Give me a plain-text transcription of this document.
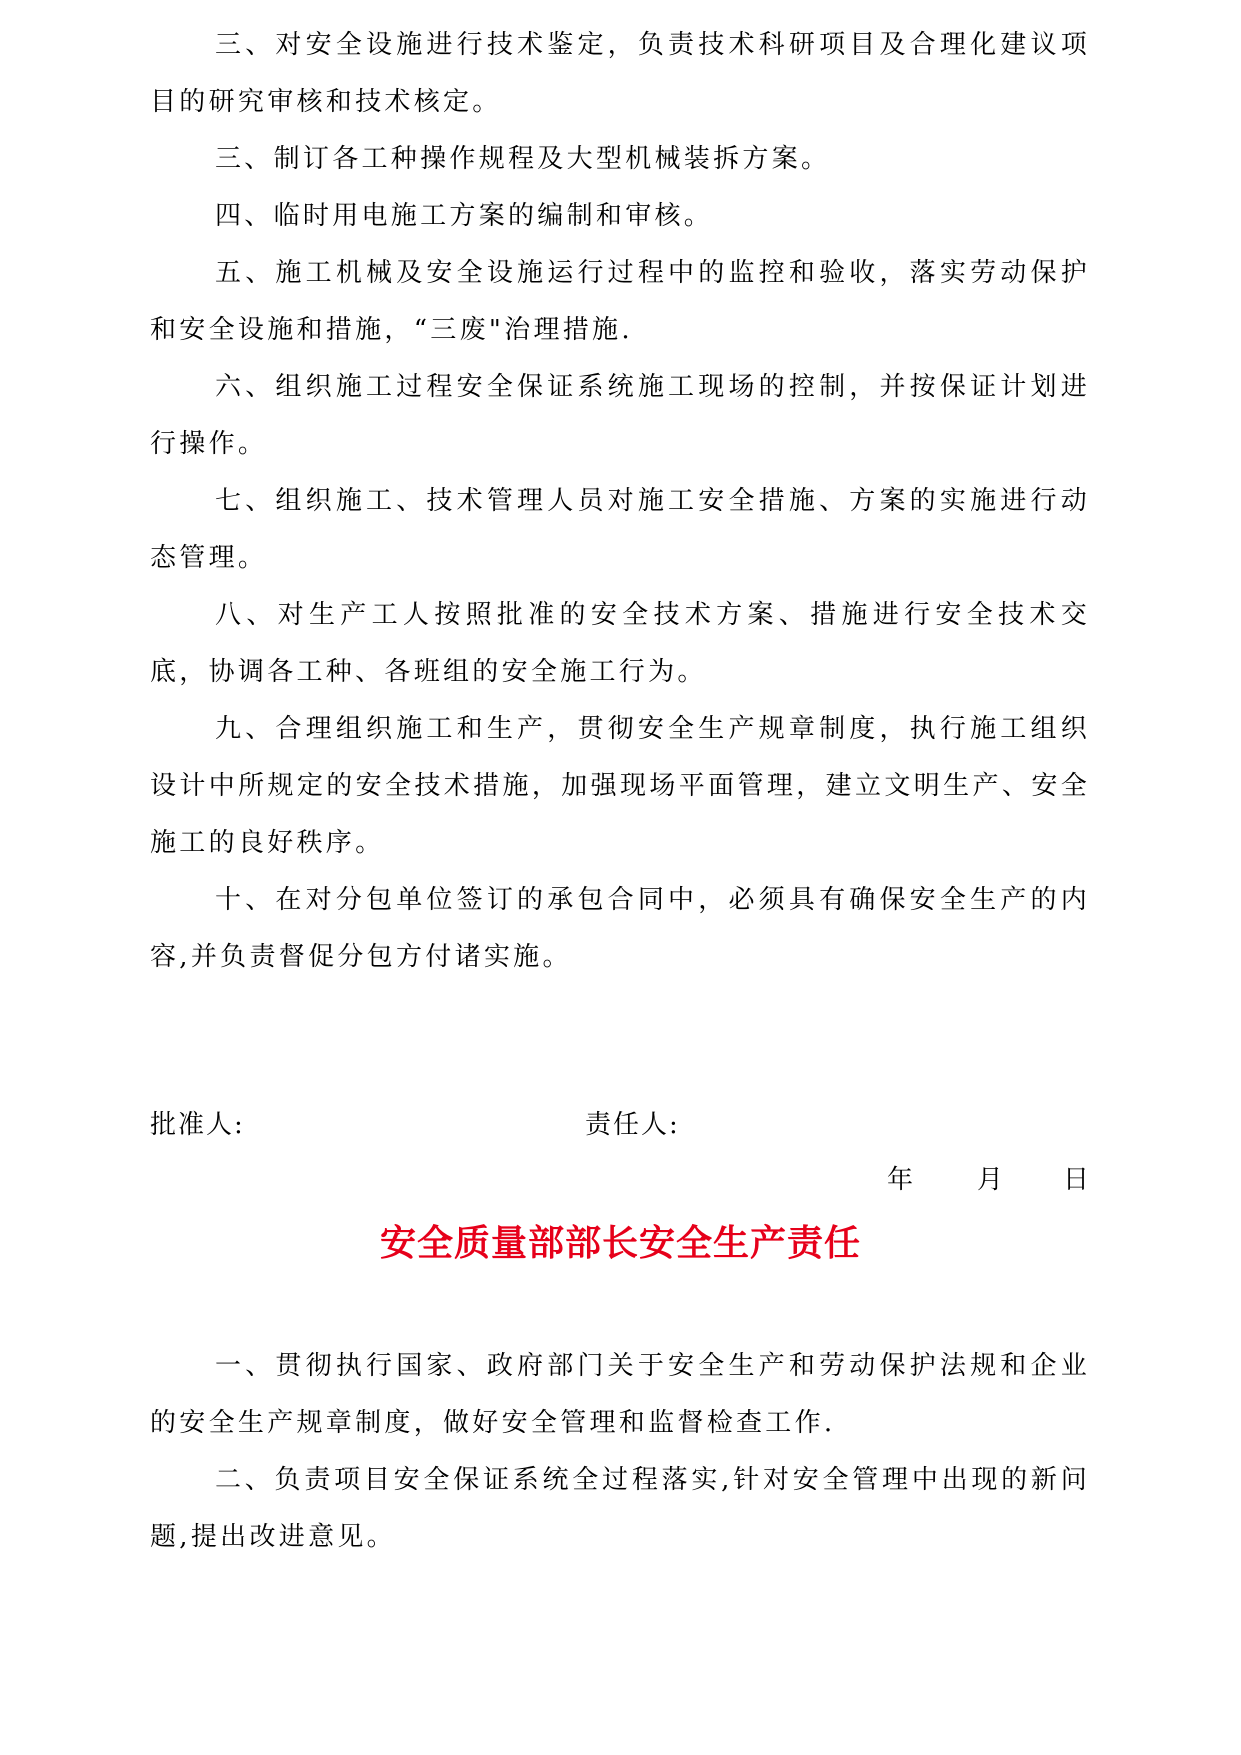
三、对安全设施进行技术鉴定，负责技术科研项目及合理化建议项目的研究审核和技术核定。

三、制订各工种操作规程及大型机械装拆方案。

四、临时用电施工方案的编制和审核。

五、施工机械及安全设施运行过程中的监控和验收，落实劳动保护和安全设施和措施，“三废"治理措施.

六、组织施工过程安全保证系统施工现场的控制，并按保证计划进行操作。

七、组织施工、技术管理人员对施工安全措施、方案的实施进行动态管理。

八、对生产工人按照批准的安全技术方案、措施进行安全技术交底，协调各工种、各班组的安全施工行为。

九、合理组织施工和生产，贯彻安全生产规章制度，执行施工组织设计中所规定的安全技术措施，加强现场平面管理，建立文明生产、安全施工的良好秩序。

十、在对分包单位签订的承包合同中，必须具有确保安全生产的内容,并负责督促分包方付诸实施。

批准人:	责任人:

年 月 日

安全质量部部长安全生产责任

一、贯彻执行国家、政府部门关于安全生产和劳动保护法规和企业的安全生产规章制度，做好安全管理和监督检查工作.

二、负责项目安全保证系统全过程落实,针对安全管理中出现的新问题,提出改进意见。
